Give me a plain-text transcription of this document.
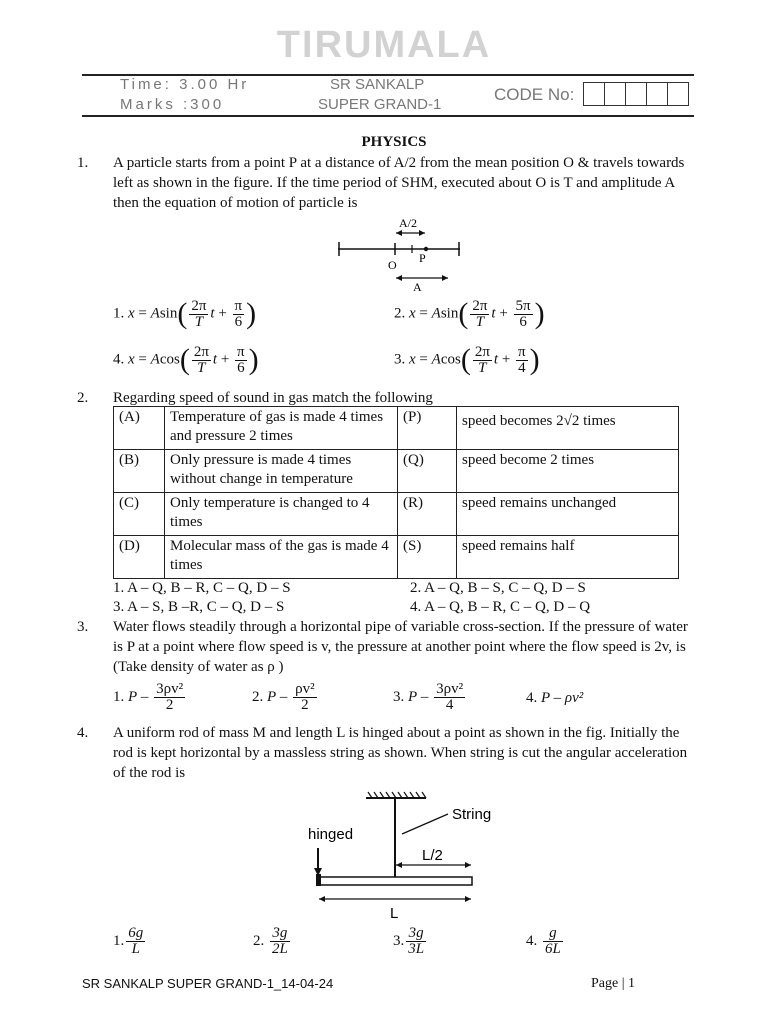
TIRUMALA
Time: 3.00 Hr
Marks :300
SR SANKALP
SUPER GRAND-1
CODE No:
PHYSICS
1. A particle starts from a point P at a distance of A/2 from the mean position O & travels towards left as shown in the figure. If the time period of SHM, executed about O is T and amplitude A then the equation of motion of particle is
A/2
O P
A
1. $x = Asin( \frac{2\pi}{T}$ $t + \frac{\pi}{6}$ )	2. $x = Asin( \frac{2\pi}{T}$ $t + \frac{5\pi}{6}$ )
4. $x = Acos( \frac{2\pi}{T}$ $t + \frac{\pi}{6}$ )	3. $x = Acos( \frac{2\pi}{T}$ $t + \frac{\pi}{4}$ )
2. Regarding speed of sound in gas match the following
(A)	Temperature of gas is made 4 times and pressure 2 times	(P)	speed becomes 2√2 times
(B)	Only pressure is made 4 times without change in temperature	(Q)	speed become 2 times
(C)	Only temperature is changed to 4 times	(R)	speed remains unchanged
(D)	Molecular mass of the gas is made 4 times	(S)	speed remains half
1. A – Q, B – R, C – Q, D – S	2. A – Q, B – S, C – Q, D – S
3. A – S, B –R, C – Q, D – S	4. A – Q, B – R, C – Q, D – Q
3. Water flows steadily through a horizontal pipe of variable cross-section. If the pressure of water is P at a point where flow speed is v, the pressure at another point where the flow speed is 2v, is (Take density of water as ρ )
1. P – $\frac{\text{3ρv²}}{2}$	2. P – $\frac{\text{ρv²}}{2}$	3. P – $\frac{\text{3ρv²}}{4}$	4. P – ρv²
4. A uniform rod of mass M and length L is hinged about a point as shown in the fig. Initially the rod is kept horizontal by a massless string as shown. When string is cut the angular acceleration of the rod is
hinged
String
L/2
L
1. $\frac{6g}{L}$	2. $\frac{3g}{2L}$	3. $\frac{3g}{3L}$	4. $\frac{g}{6L}$
SR SANKALP SUPER GRAND-1_14-04-24	Page | 1
